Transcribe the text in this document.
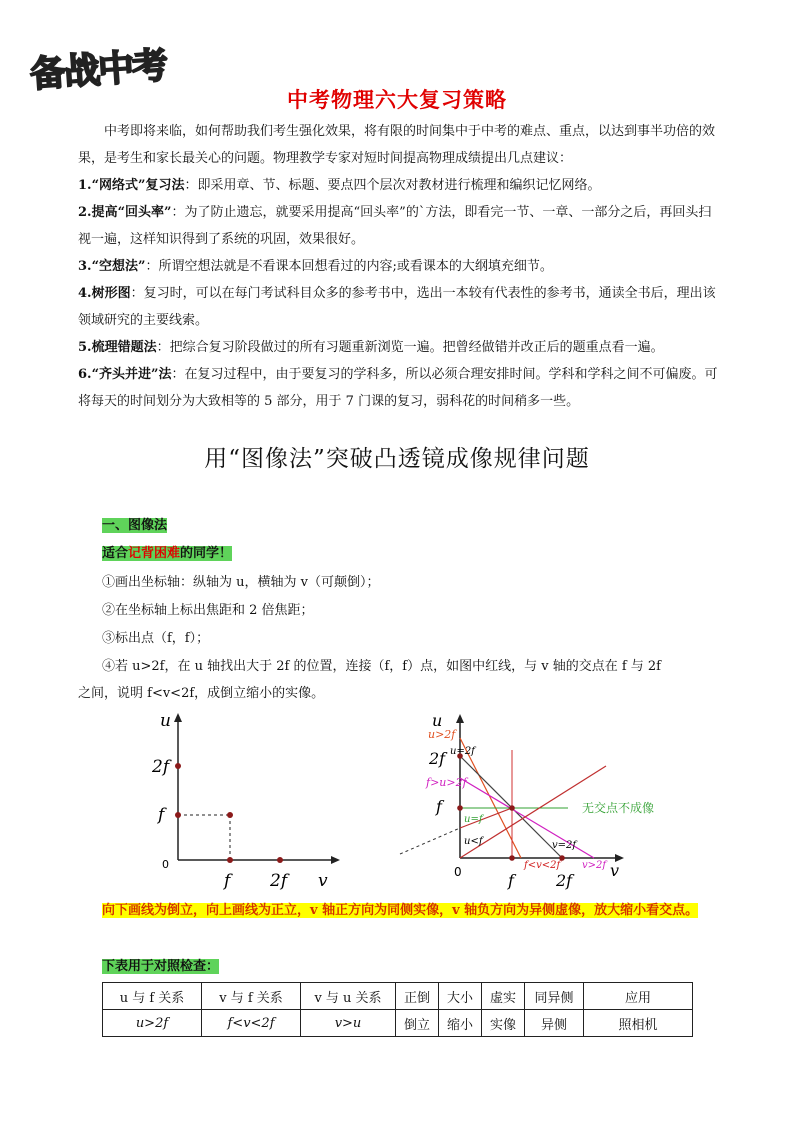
备战中考
中考物理六大复习策略

中考即将来临，如何帮助我们考生强化效果，将有限的时间集中于中考的难点、重点，以达到事半功倍的效果，是考生和家长最关心的问题。物理教学专家对短时间提高物理成绩提出几点建议：

1.“网络式”复习法：即采用章、节、标题、要点四个层次对教材进行梳理和编织记忆网络。

2.提高“回头率”：为了防止遗忘，就要采用提高“回头率”的`方法，即看完一节、一章、一部分之后，再回头扫视一遍，这样知识得到了系统的巩固，效果很好。

3.“空想法”：所谓空想法就是不看课本回想看过的内容;或看课本的大纲填充细节。

4.树形图：复习时，可以在每门考试科目众多的参考书中，选出一本较有代表性的参考书，通读全书后，理出该领域研究的主要线索。

5.梳理错题法：把综合复习阶段做过的所有习题重新浏览一遍。把曾经做错并改正后的题重点看一遍。

6.“齐头并进”法：在复习过程中，由于要复习的学科多，所以必须合理安排时间。学科和学科之间不可偏废。可将每天的时间划分为大致相等的 5 部分，用于 7 门课的复习，弱科花的时间稍多一些。

用“图像法”突破凸透镜成像规律问题
一、图像法
适合记背困难的同学！
①画出坐标轴：纵轴为 u，横轴为 v（可颠倒）；
②在坐标轴上标出焦距和 2 倍焦距；
③标出点（f，f）；
④若 u>2f，在 u 轴找出大于 2f 的位置，连接（f，f）点，如图中红线，与 v 轴的交点在 f 与 2f
之间，说明 f<v<2f，成倒立缩小的实像。
u
2f
f
0
f 2f v
u
u>2f
2f u=2f
f>u>2f
f
u=f
u<f
无交点不成像
v=2f
f<v<2f v>2f
0	f	2f
v
向下画线为倒立，向上画线为正立，v 轴正方向为同侧实像，v 轴负方向为异侧虚像，放大缩小看交点。
下表用于对照检查：
u 与 f 关系	v 与 f 关系	v 与 u 关系	正倒	大小	虚实	同异侧	应用
u>2f	f<v<2f	v>u	倒立	缩小	实像	异侧	照相机
